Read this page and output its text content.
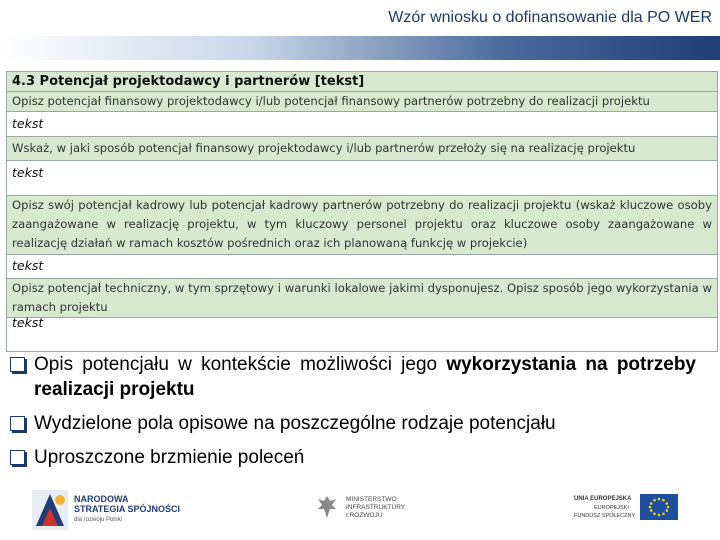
Wzór wniosku o dofinansowanie dla PO WER
4.3 Potencjał projektodawcy i partnerów [tekst]
Opisz potencjał finansowy projektodawcy i/lub potencjał finansowy partnerów potrzebny do realizacji projektu
tekst
Wskaż, w jaki sposób potencjał finansowy projektodawcy i/lub partnerów przełoży się na realizację projektu
tekst
Opisz swój potencjał kadrowy lub potencjał kadrowy partnerów potrzebny do realizacji projektu (wskaż kluczowe osoby zaangażowane w realizację projektu, w tym kluczowy personel projektu oraz kluczowe osoby zaangażowane w realizację działań w ramach kosztów pośrednich oraz ich planowaną funkcję w projekcie)
tekst
Opisz potencjał techniczny, w tym sprzętowy i warunki lokalowe jakimi dysponujesz. Opisz sposób jego wykorzystania w ramach projektu
tekst
Opis potencjału w kontekście możliwości jego wykorzystania na potrzeby realizacji projektu
Wydzielone pola opisowe na poszczególne rodzaje potencjału
Uproszczone brzmienie poleceń
NARODOWA
STRATEGIA SPÓJNOŚCI
dla rozwoju Polski
MINISTERSTWO
INFRASTRUKTURY
I ROZWOJU
UNIA EUROPEJSKA
EUROPEJSKI
FUNDUSZ SPOŁECZNY
